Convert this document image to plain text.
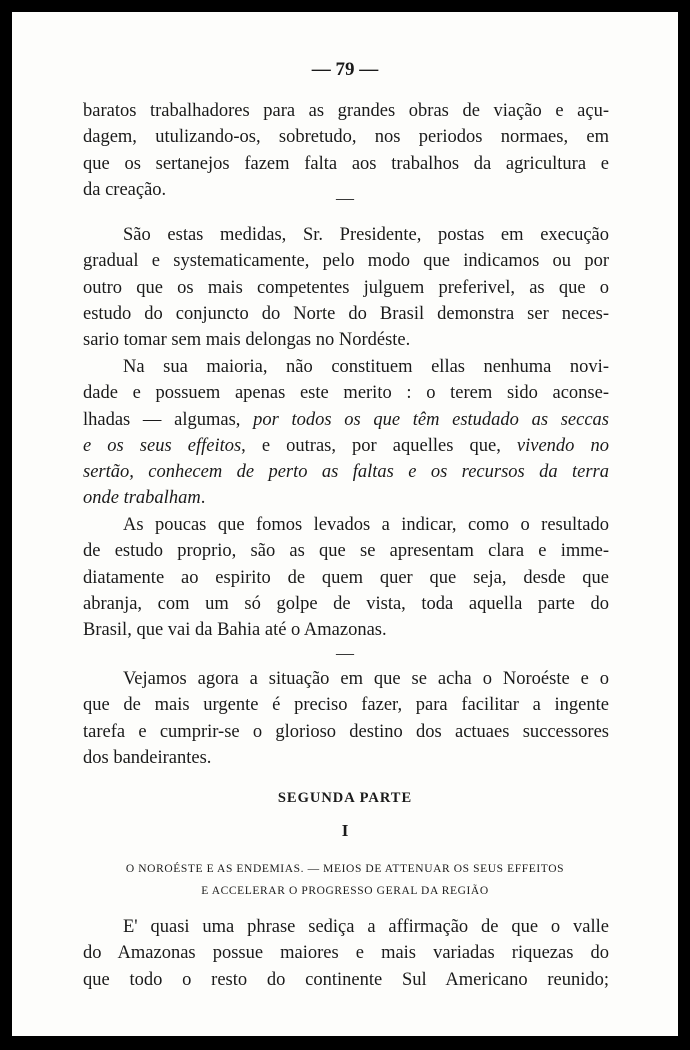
— 79 —

baratos trabalhadores para as grandes obras de viação e açu-

dagem, utulizando-os, sobretudo, nos periodos normaes, em

que os sertanejos fazem falta aos trabalhos da agricultura e

da creação.	—

São estas medidas, Sr. Presidente, postas em execução

gradual e systematicamente, pelo modo que indicamos ou por

outro que os mais competentes julguem preferivel, as que o

estudo do conjuncto do Norte do Brasil demonstra ser neces-

sario tomar sem mais delongas no Nordéste.

Na sua maioria, não constituem ellas nenhuma novi-

dade e possuem apenas este merito : o terem sido aconse-

lhadas — algumas, por todos os que têm estudado as seccas

e os seus effeitos, e outras, por aquelles que, vivendo no

sertão, conhecem de perto as faltas e os recursos da terra

onde trabalham.

As poucas que fomos levados a indicar, como o resultado

de estudo proprio, são as que se apresentam clara e imme-

diatamente ao espirito de quem quer que seja, desde que

abranja, com um só golpe de vista, toda aquella parte do

Brasil, que vai da Bahia até o Amazonas.

—

Vejamos agora a situação em que se acha o Noroéste e o

que de mais urgente é preciso fazer, para facilitar a ingente

tarefa e cumprir-se o glorioso destino dos actuaes successores

dos bandeirantes.

SEGUNDA PARTE
I
O NOROÉSTE E AS ENDEMIAS. — MEIOS DE ATTENUAR OS SEUS EFFEITOS
E ACCELERAR O PROGRESSO GERAL DA REGIÃO

E' quasi uma phrase sediça a affirmação de que o valle

do Amazonas possue maiores e mais variadas riquezas do

que todo o resto do continente Sul Americano reunido;
